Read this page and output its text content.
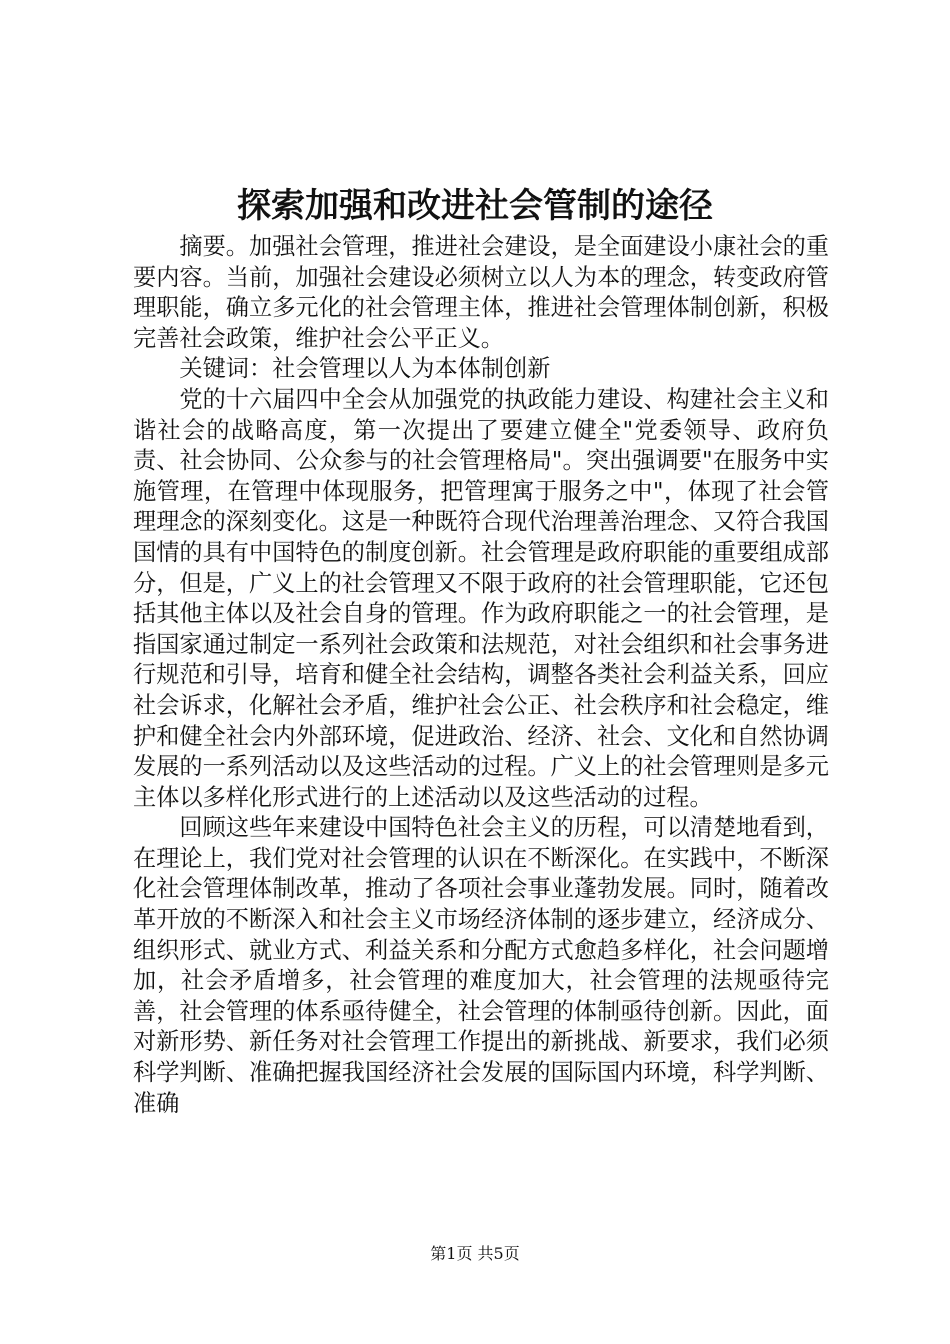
探索加强和改进社会管制的途径

摘要。加强社会管理，推进社会建设，是全面建设小康社会的重要内容。当前，加强社会建设必须树立以人为本的理念，转变政府管理职能，确立多元化的社会管理主体，推进社会管理体制创新，积极完善社会政策，维护社会公平正义。

关键词：社会管理以人为本体制创新

党的十六届四中全会从加强党的执政能力建设、构建社会主义和谐社会的战略高度，第一次提出了要建立健全"党委领导、政府负责、社会协同、公众参与的社会管理格局"。突出强调要"在服务中实施管理，在管理中体现服务，把管理寓于服务之中"，体现了社会管理理念的深刻变化。这是一种既符合现代治理善治理念、又符合我国国情的具有中国特色的制度创新。社会管理是政府职能的重要组成部分，但是，广义上的社会管理又不限于政府的社会管理职能，它还包括其他主体以及社会自身的管理。作为政府职能之一的社会管理，是指国家通过制定一系列社会政策和法规范，对社会组织和社会事务进行规范和引导，培育和健全社会结构，调整各类社会利益关系，回应社会诉求，化解社会矛盾，维护社会公正、社会秩序和社会稳定，维护和健全社会内外部环境，促进政治、经济、社会、文化和自然协调发展的一系列活动以及这些活动的过程。广义上的社会管理则是多元主体以多样化形式进行的上述活动以及这些活动的过程。

回顾这些年来建设中国特色社会主义的历程，可以清楚地看到，在理论上，我们党对社会管理的认识在不断深化。在实践中，不断深化社会管理体制改革，推动了各项社会事业蓬勃发展。同时，随着改革开放的不断深入和社会主义市场经济体制的逐步建立，经济成分、组织形式、就业方式、利益关系和分配方式愈趋多样化，社会问题增加，社会矛盾增多，社会管理的难度加大，社会管理的法规亟待完善，社会管理的体系亟待健全，社会管理的体制亟待创新。因此，面对新形势、新任务对社会管理工作提出的新挑战、新要求，我们必须科学判断、准确把握我国经济社会发展的国际国内环境，科学判断、准确

第1页 共5页
